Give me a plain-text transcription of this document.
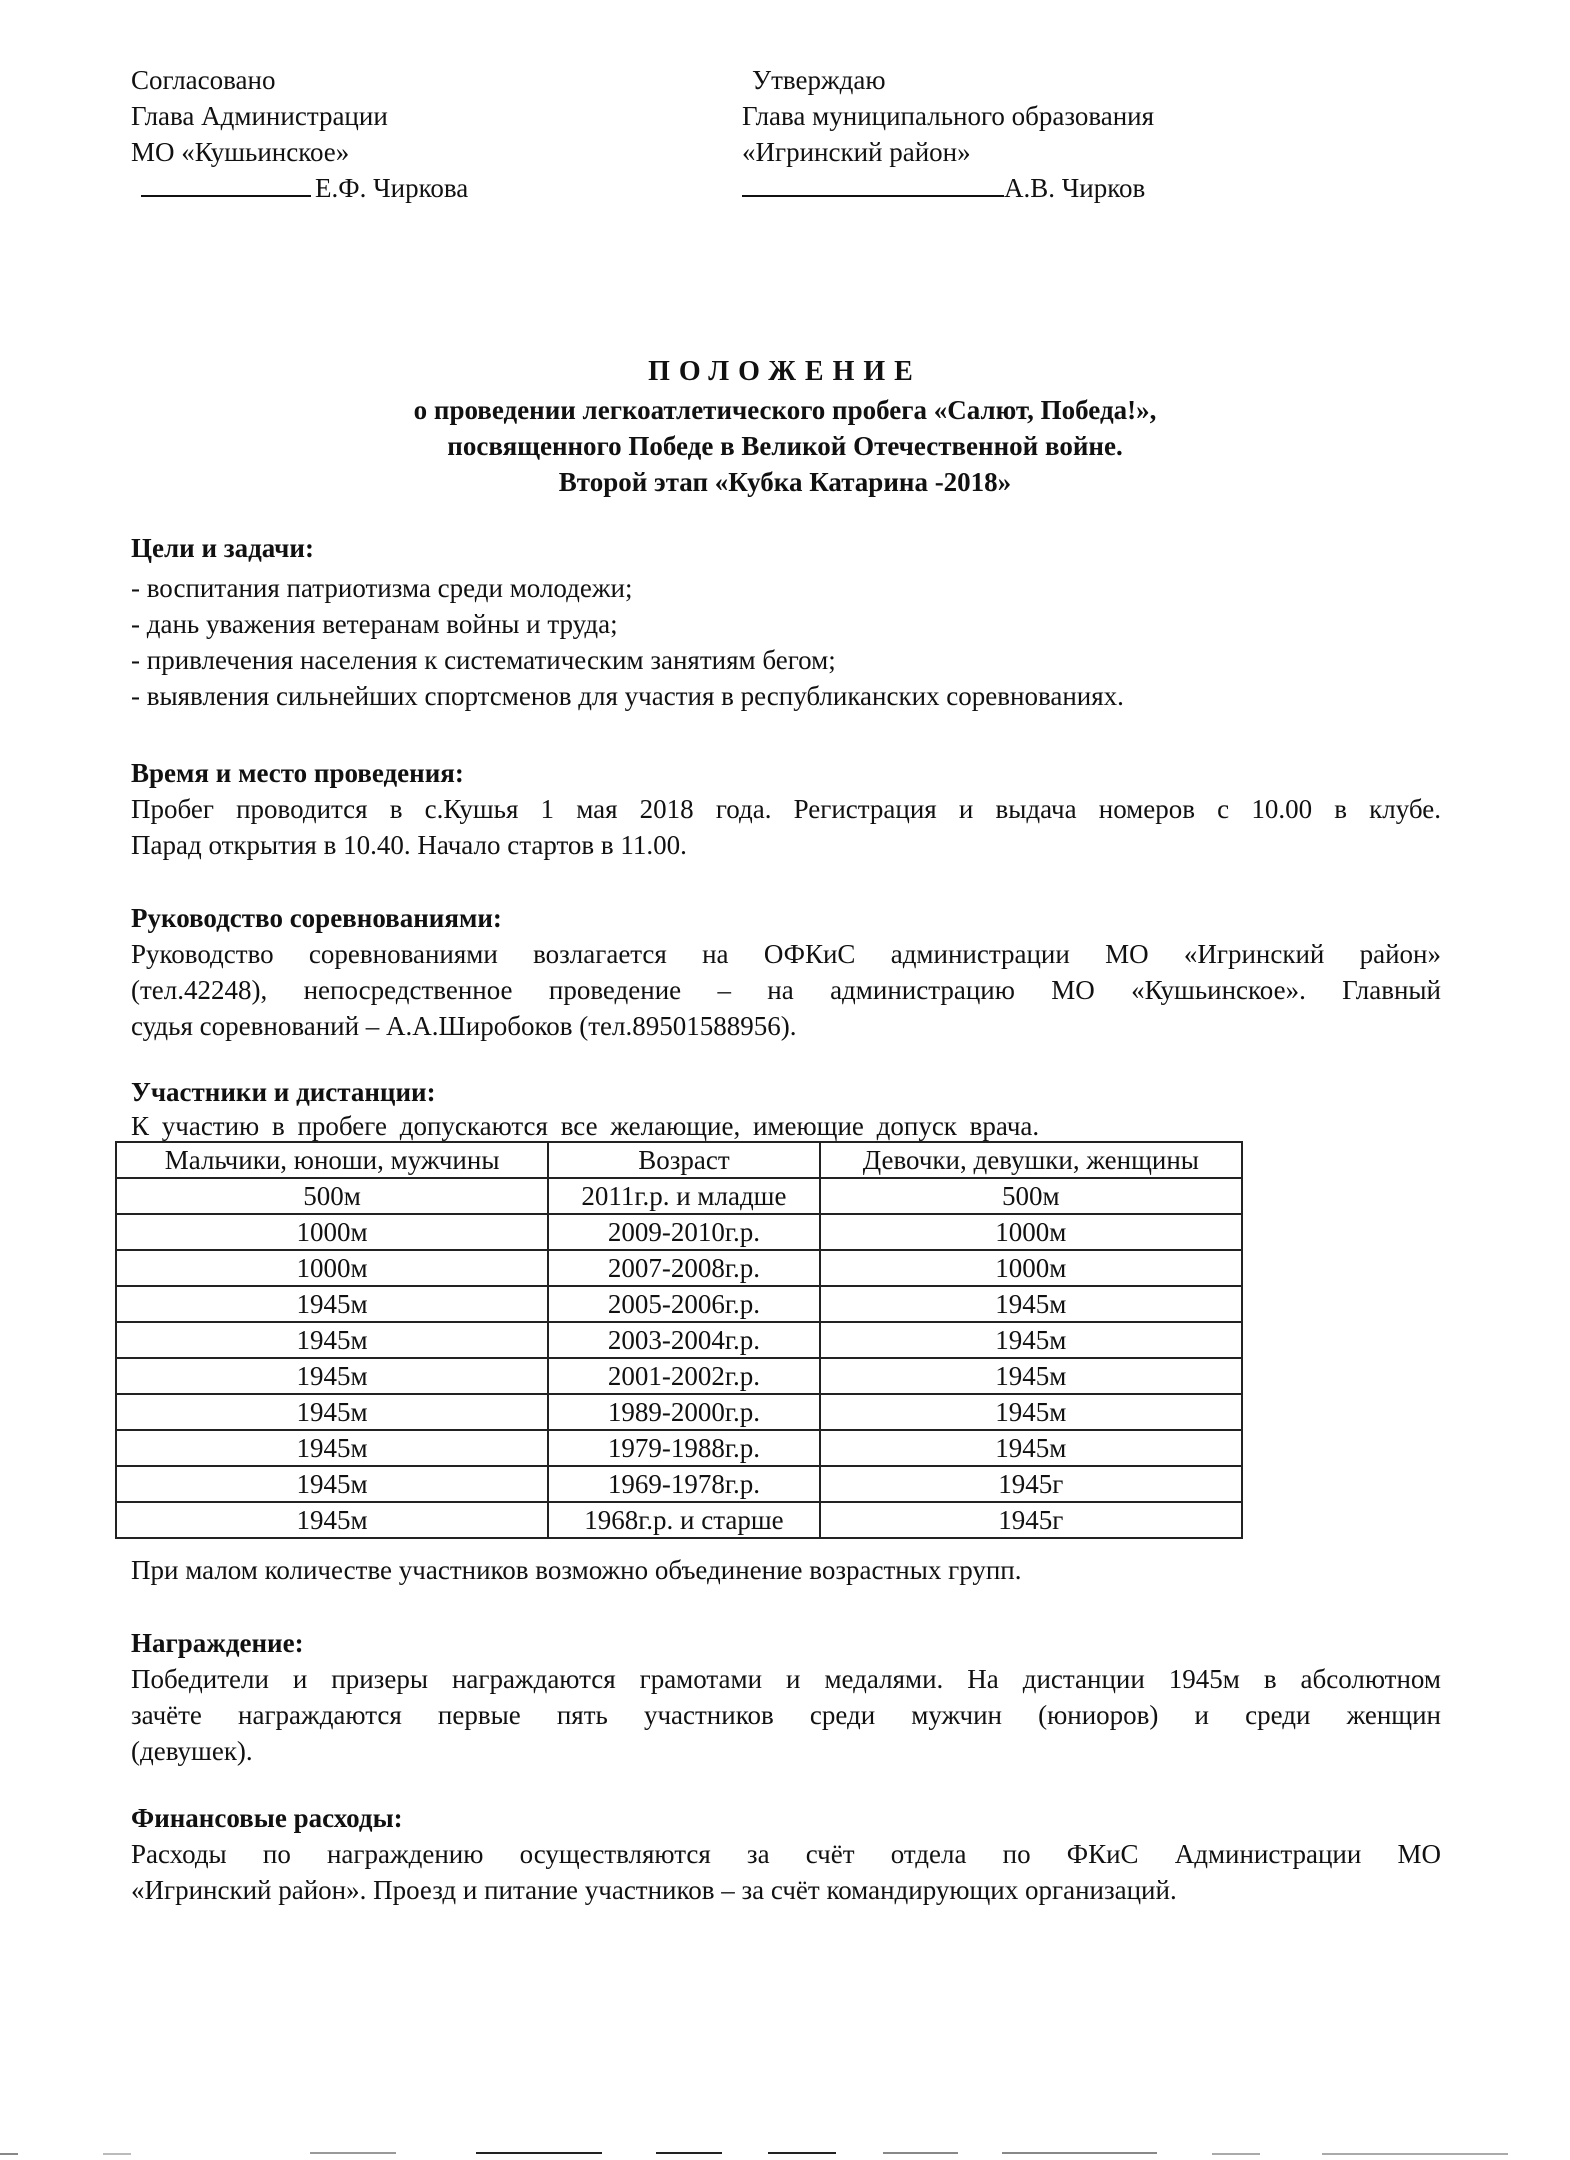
Согласовано
Глава Администрации
МО «Кушьинское»
Е.Ф. Чиркова
Утверждаю
Глава муниципального образования
«Игринский район»
А.В. Чирков
ПОЛОЖЕНИЕ
о проведении легкоатлетического пробега «Салют, Победа!»,
посвященного Победе в Великой Отечественной войне.
Второй этап «Кубка Катарина -2018»
Цели и задачи:
- воспитания патриотизма среди молодежи;
- дань уважения ветеранам войны и труда;
- привлечения населения к систематическим занятиям бегом;
- выявления сильнейших спортсменов для участия в республиканских соревнованиях.
Время и место проведения:
Пробег проводится в с.Кушья 1 мая 2018 года. Регистрация и выдача номеров с 10.00 в клубе.
Парад открытия в 10.40. Начало стартов в 11.00.
Руководство соревнованиями:
Руководство соревнованиями возлагается на ОФКиС администрации МО «Игринский район»
(тел.42248), непосредственное проведение – на администрацию МО «Кушьинское». Главный
судья соревнований – А.А.Широбоков (тел.89501588956).
Участники и дистанции:
К участию в пробеге допускаются все желающие, имеющие допуск врача.
Мальчики, юноши, мужчины	Возраст	Девочки, девушки, женщины
500м	2011г.р. и младше	500м
1000м	2009-2010г.р.	1000м
1000м	2007-2008г.р.	1000м
1945м	2005-2006г.р.	1945м
1945м	2003-2004г.р.	1945м
1945м	2001-2002г.р.	1945м
1945м	1989-2000г.р.	1945м
1945м	1979-1988г.р.	1945м
1945м	1969-1978г.р.	1945г
1945м	1968г.р. и старше	1945г
При малом количестве участников возможно объединение возрастных групп.
Награждение:
Победители и призеры награждаются грамотами и медалями. На дистанции 1945м в абсолютном
зачёте награждаются первые пять участников среди мужчин (юниоров) и среди женщин
(девушек).
Финансовые расходы:
Расходы по награждению осуществляются за счёт отдела по ФКиС Администрации МО
«Игринский район». Проезд и питание участников – за счёт командирующих организаций.
